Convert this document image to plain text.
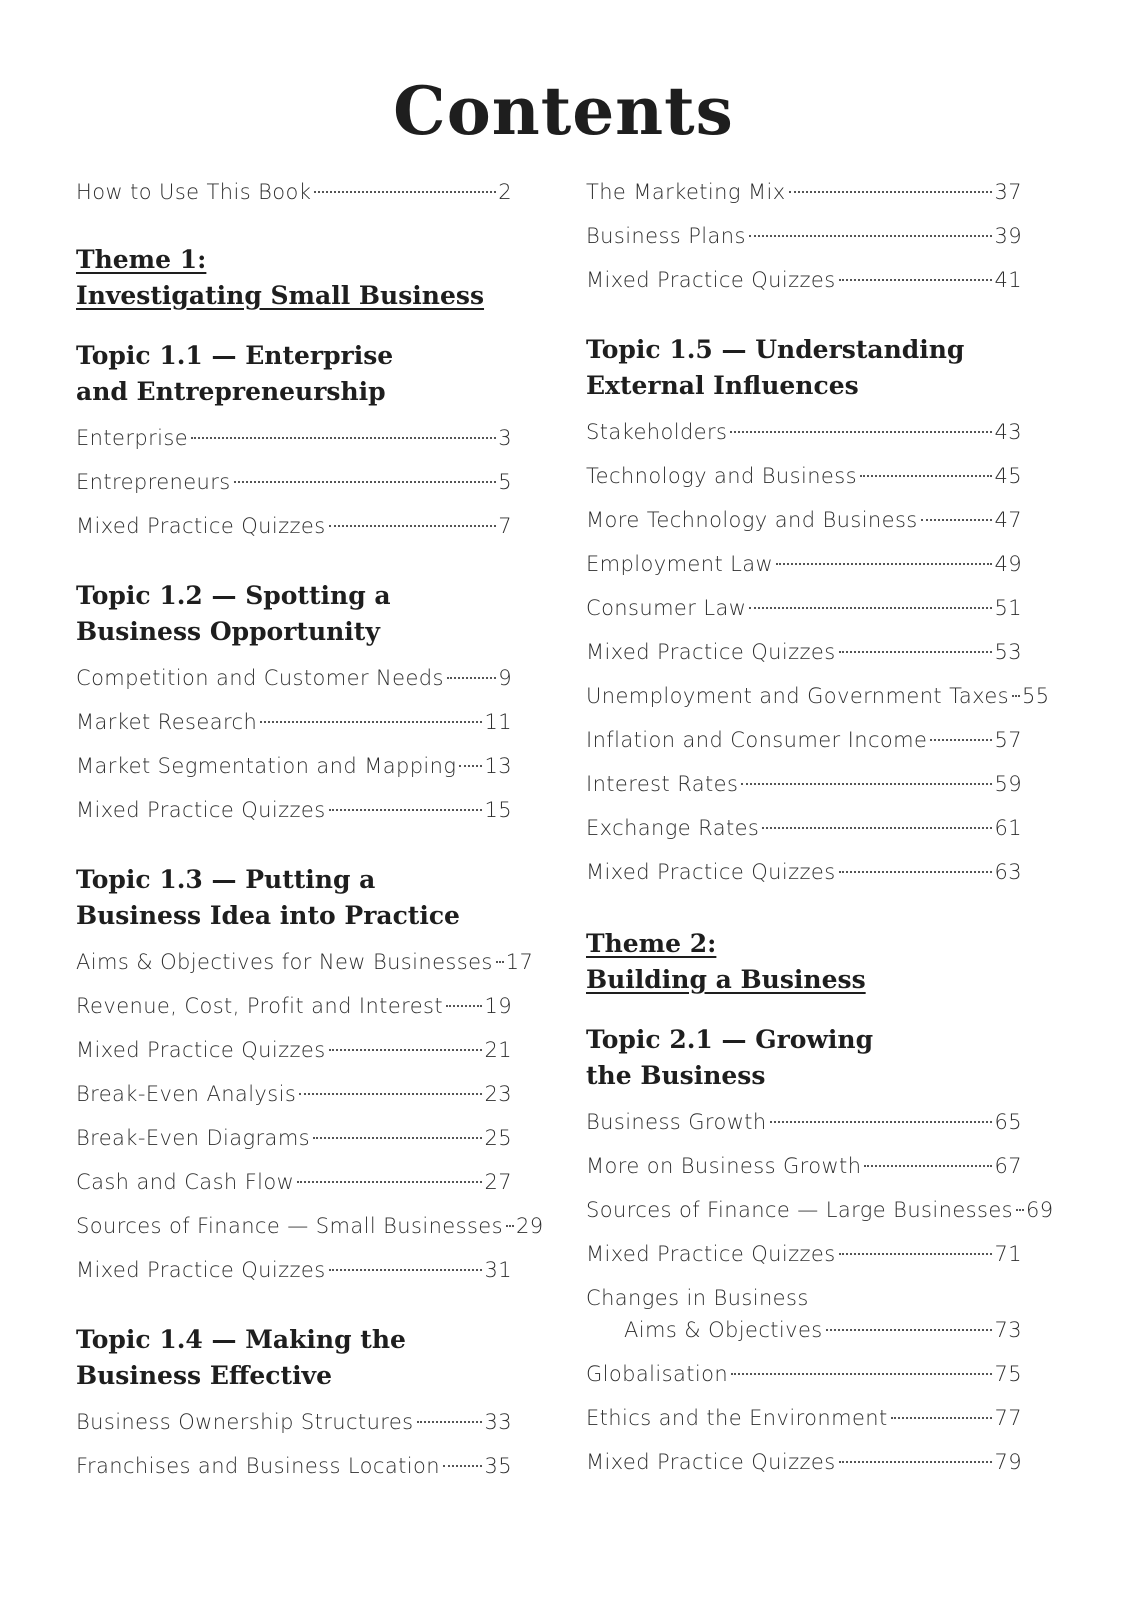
Contents
How to Use This Book	2
Theme 1:
Investigating Small Business
Topic 1.1 — Enterprise
and Entrepreneurship
Enterprise	3
Entrepreneurs	5
Mixed Practice Quizzes	7
Topic 1.2 — Spotting a
Business Opportunity
Competition and Customer Needs	9
Market Research	11
Market Segmentation and Mapping 13
Mixed Practice Quizzes	15
Topic 1.3 — Putting a
Business Idea into Practice
Aims & Objectives for New Businesses 17
Revenue, Cost, Profit and Interest 19
Mixed Practice Quizzes	21
Break-Even Analysis	23
Break-Even Diagrams	25
Cash and Cash Flow	27
Sources of Finance — Small Businesses 29
Mixed Practice Quizzes	31
Topic 1.4 — Making the
Business Effective
Business Ownership Structures	33
Franchises and Business Location 35
The Marketing Mix	37
Business Plans	39
Mixed Practice Quizzes	41
Topic 1.5 — Understanding
External Influences
Stakeholders	43
Technology and Business	45
More Technology and Business	47
Employment Law	49
Consumer Law	51
Mixed Practice Quizzes	53
Unemployment and Government Taxes 55
Inflation and Consumer Income	57
Interest Rates	59
Exchange Rates	61
Mixed Practice Quizzes	63
Theme 2:
Building a Business
Topic 2.1 — Growing
the Business
Business Growth	65
More on Business Growth	67
Sources of Finance — Large Businesses 69
Mixed Practice Quizzes	71
Changes in Business
Aims & Objectives	73
Globalisation	75
Ethics and the Environment	77
Mixed Practice Quizzes	79
